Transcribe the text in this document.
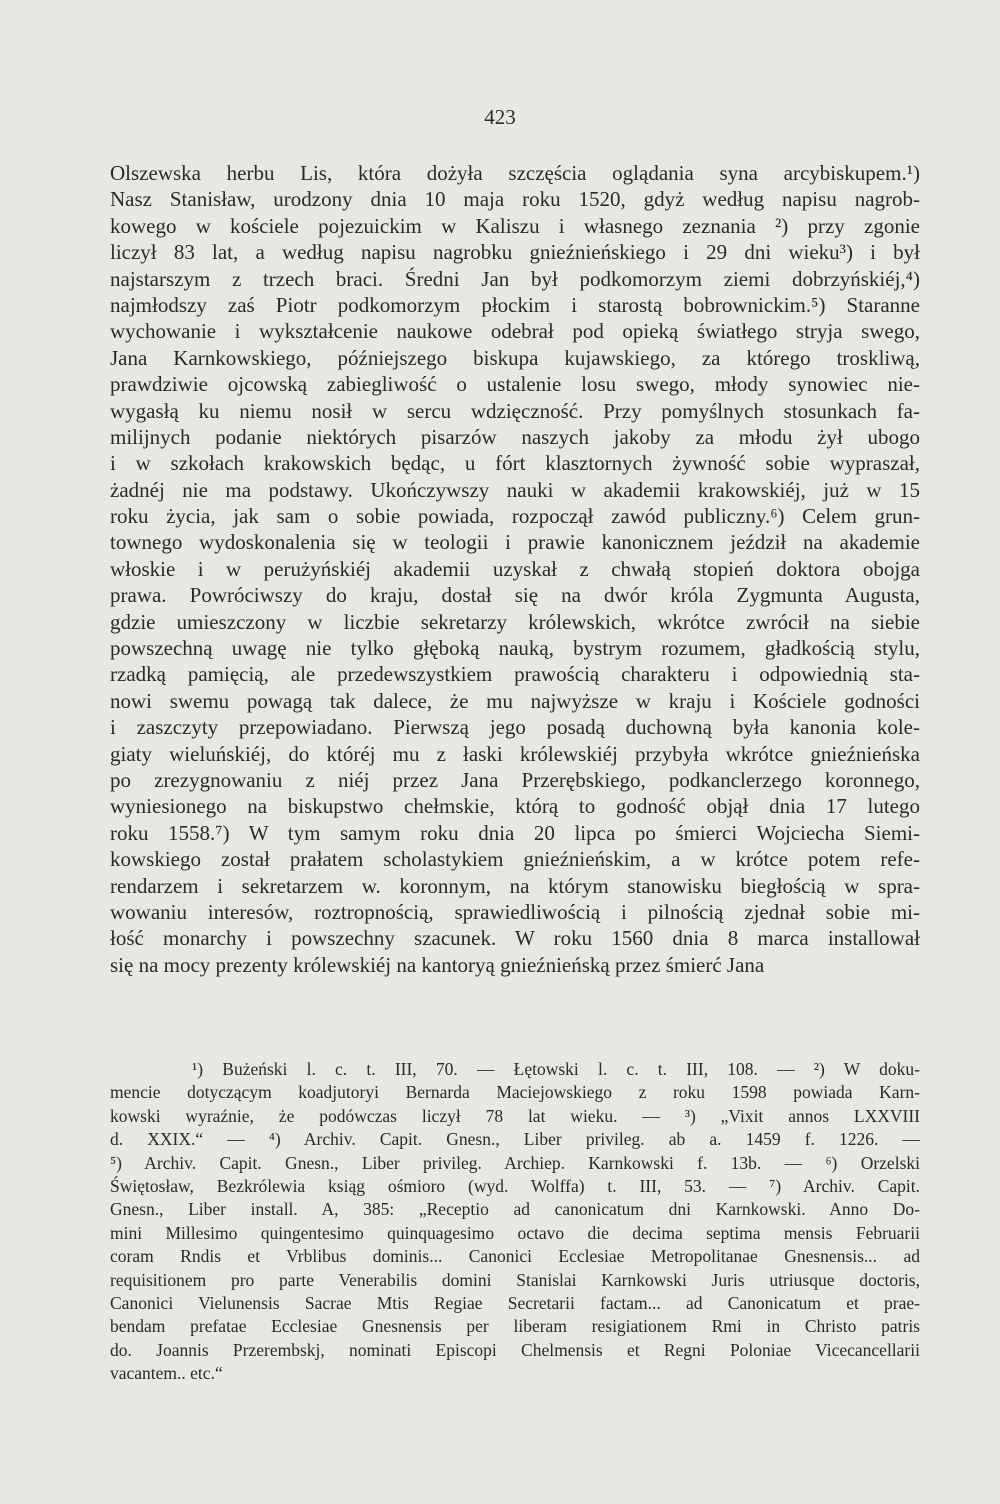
423
Olszewska herbu Lis, która dożyła szczęścia oglądania syna arcybiskupem.¹)
Nasz Stanisław, urodzony dnia 10 maja roku 1520, gdyż według napisu nagrob-
kowego w kościele pojezuickim w Kaliszu i własnego zeznania ²) przy zgonie
liczył 83 lat, a według napisu nagrobku gnieźnieńskiego i 29 dni wieku³) i był
najstarszym z trzech braci. Średni Jan był podkomorzym ziemi dobrzyńskiéj,⁴)
najmłodszy zaś Piotr podkomorzym płockim i starostą bobrownickim.⁵) Staranne
wychowanie i wykształcenie naukowe odebrał pod opieką światłego stryja swego,
Jana Karnkowskiego, późniejszego biskupa kujawskiego, za którego troskliwą,
prawdziwie ojcowską zabiegliwość o ustalenie losu swego, młody synowiec nie-
wygasłą ku niemu nosił w sercu wdzięczność. Przy pomyślnych stosunkach fa-
milijnych podanie niektórych pisarzów naszych jakoby za młodu żył ubogo
i w szkołach krakowskich będąc, u fórt klasztornych żywność sobie wypraszał,
żadnéj nie ma podstawy. Ukończywszy nauki w akademii krakowskiéj, już w 15
roku życia, jak sam o sobie powiada, rozpoczął zawód publiczny.⁶) Celem grun-
townego wydoskonalenia się w teologii i prawie kanonicznem jeździł na akademie
włoskie i w perużyńskiéj akademii uzyskał z chwałą stopień doktora obojga
prawa. Powróciwszy do kraju, dostał się na dwór króla Zygmunta Augusta,
gdzie umieszczony w liczbie sekretarzy królewskich, wkrótce zwrócił na siebie
powszechną uwagę nie tylko głęboką nauką, bystrym rozumem, gładkością stylu,
rzadką pamięcią, ale przedewszystkiem prawością charakteru i odpowiednią sta-
nowi swemu powagą tak dalece, że mu najwyższe w kraju i Kościele godności
i zaszczyty przepowiadano. Pierwszą jego posadą duchowną była kanonia kole-
giaty wieluńskiéj, do któréj mu z łaski królewskiéj przybyła wkrótce gnieźnieńska
po zrezygnowaniu z niéj przez Jana Przerębskiego, podkanclerzego koronnego,
wyniesionego na biskupstwo chełmskie, którą to godność objął dnia 17 lutego
roku 1558.⁷) W tym samym roku dnia 20 lipca po śmierci Wojciecha Siemi-
kowskiego został prałatem scholastykiem gnieźnieńskim, a w krótce potem refe-
rendarzem i sekretarzem w. koronnym, na którym stanowisku biegłością w spra-
wowaniu interesów, roztropnością, sprawiedliwością i pilnością zjednał sobie mi-
łość monarchy i powszechny szacunek. W roku 1560 dnia 8 marca installował
się na mocy prezenty królewskiéj na kantoryą gnieźnieńską przez śmierć Jana
¹) Bużeński l. c. t. III, 70. — Łętowski l. c. t. III, 108. — ²) W doku-
mencie dotyczącym koadjutoryi Bernarda Maciejowskiego z roku 1598 powiada Karn-
kowski wyraźnie, że podówczas liczył 78 lat wieku. — ³) „Vixit annos LXXVIII
d. XXIX.“ — ⁴) Archiv. Capit. Gnesn., Liber privileg. ab a. 1459 f. 1226. —
⁵) Archiv. Capit. Gnesn., Liber privileg. Archiep. Karnkowski f. 13b. — ⁶) Orzelski
Świętosław, Bezkrólewia ksiąg ośmioro (wyd. Wolffa) t. III, 53. — ⁷) Archiv. Capit.
Gnesn., Liber install. A, 385: „Receptio ad canonicatum dni Karnkowski. Anno Do-
mini Millesimo quingentesimo quinquagesimo octavo die decima septima mensis Februarii
coram Rndis et Vrblibus dominis... Canonici Ecclesiae Metropolitanae Gnesnensis... ad
requisitionem pro parte Venerabilis domini Stanislai Karnkowski Juris utriusque doctoris,
Canonici Vielunensis Sacrae Mtis Regiae Secretarii factam... ad Canonicatum et prae-
bendam prefatae Ecclesiae Gnesnensis per liberam resigiationem Rmi in Christo patris
do. Joannis Przerembskj, nominati Episcopi Chelmensis et Regni Poloniae Vicecancellarii
vacantem.. etc.“
